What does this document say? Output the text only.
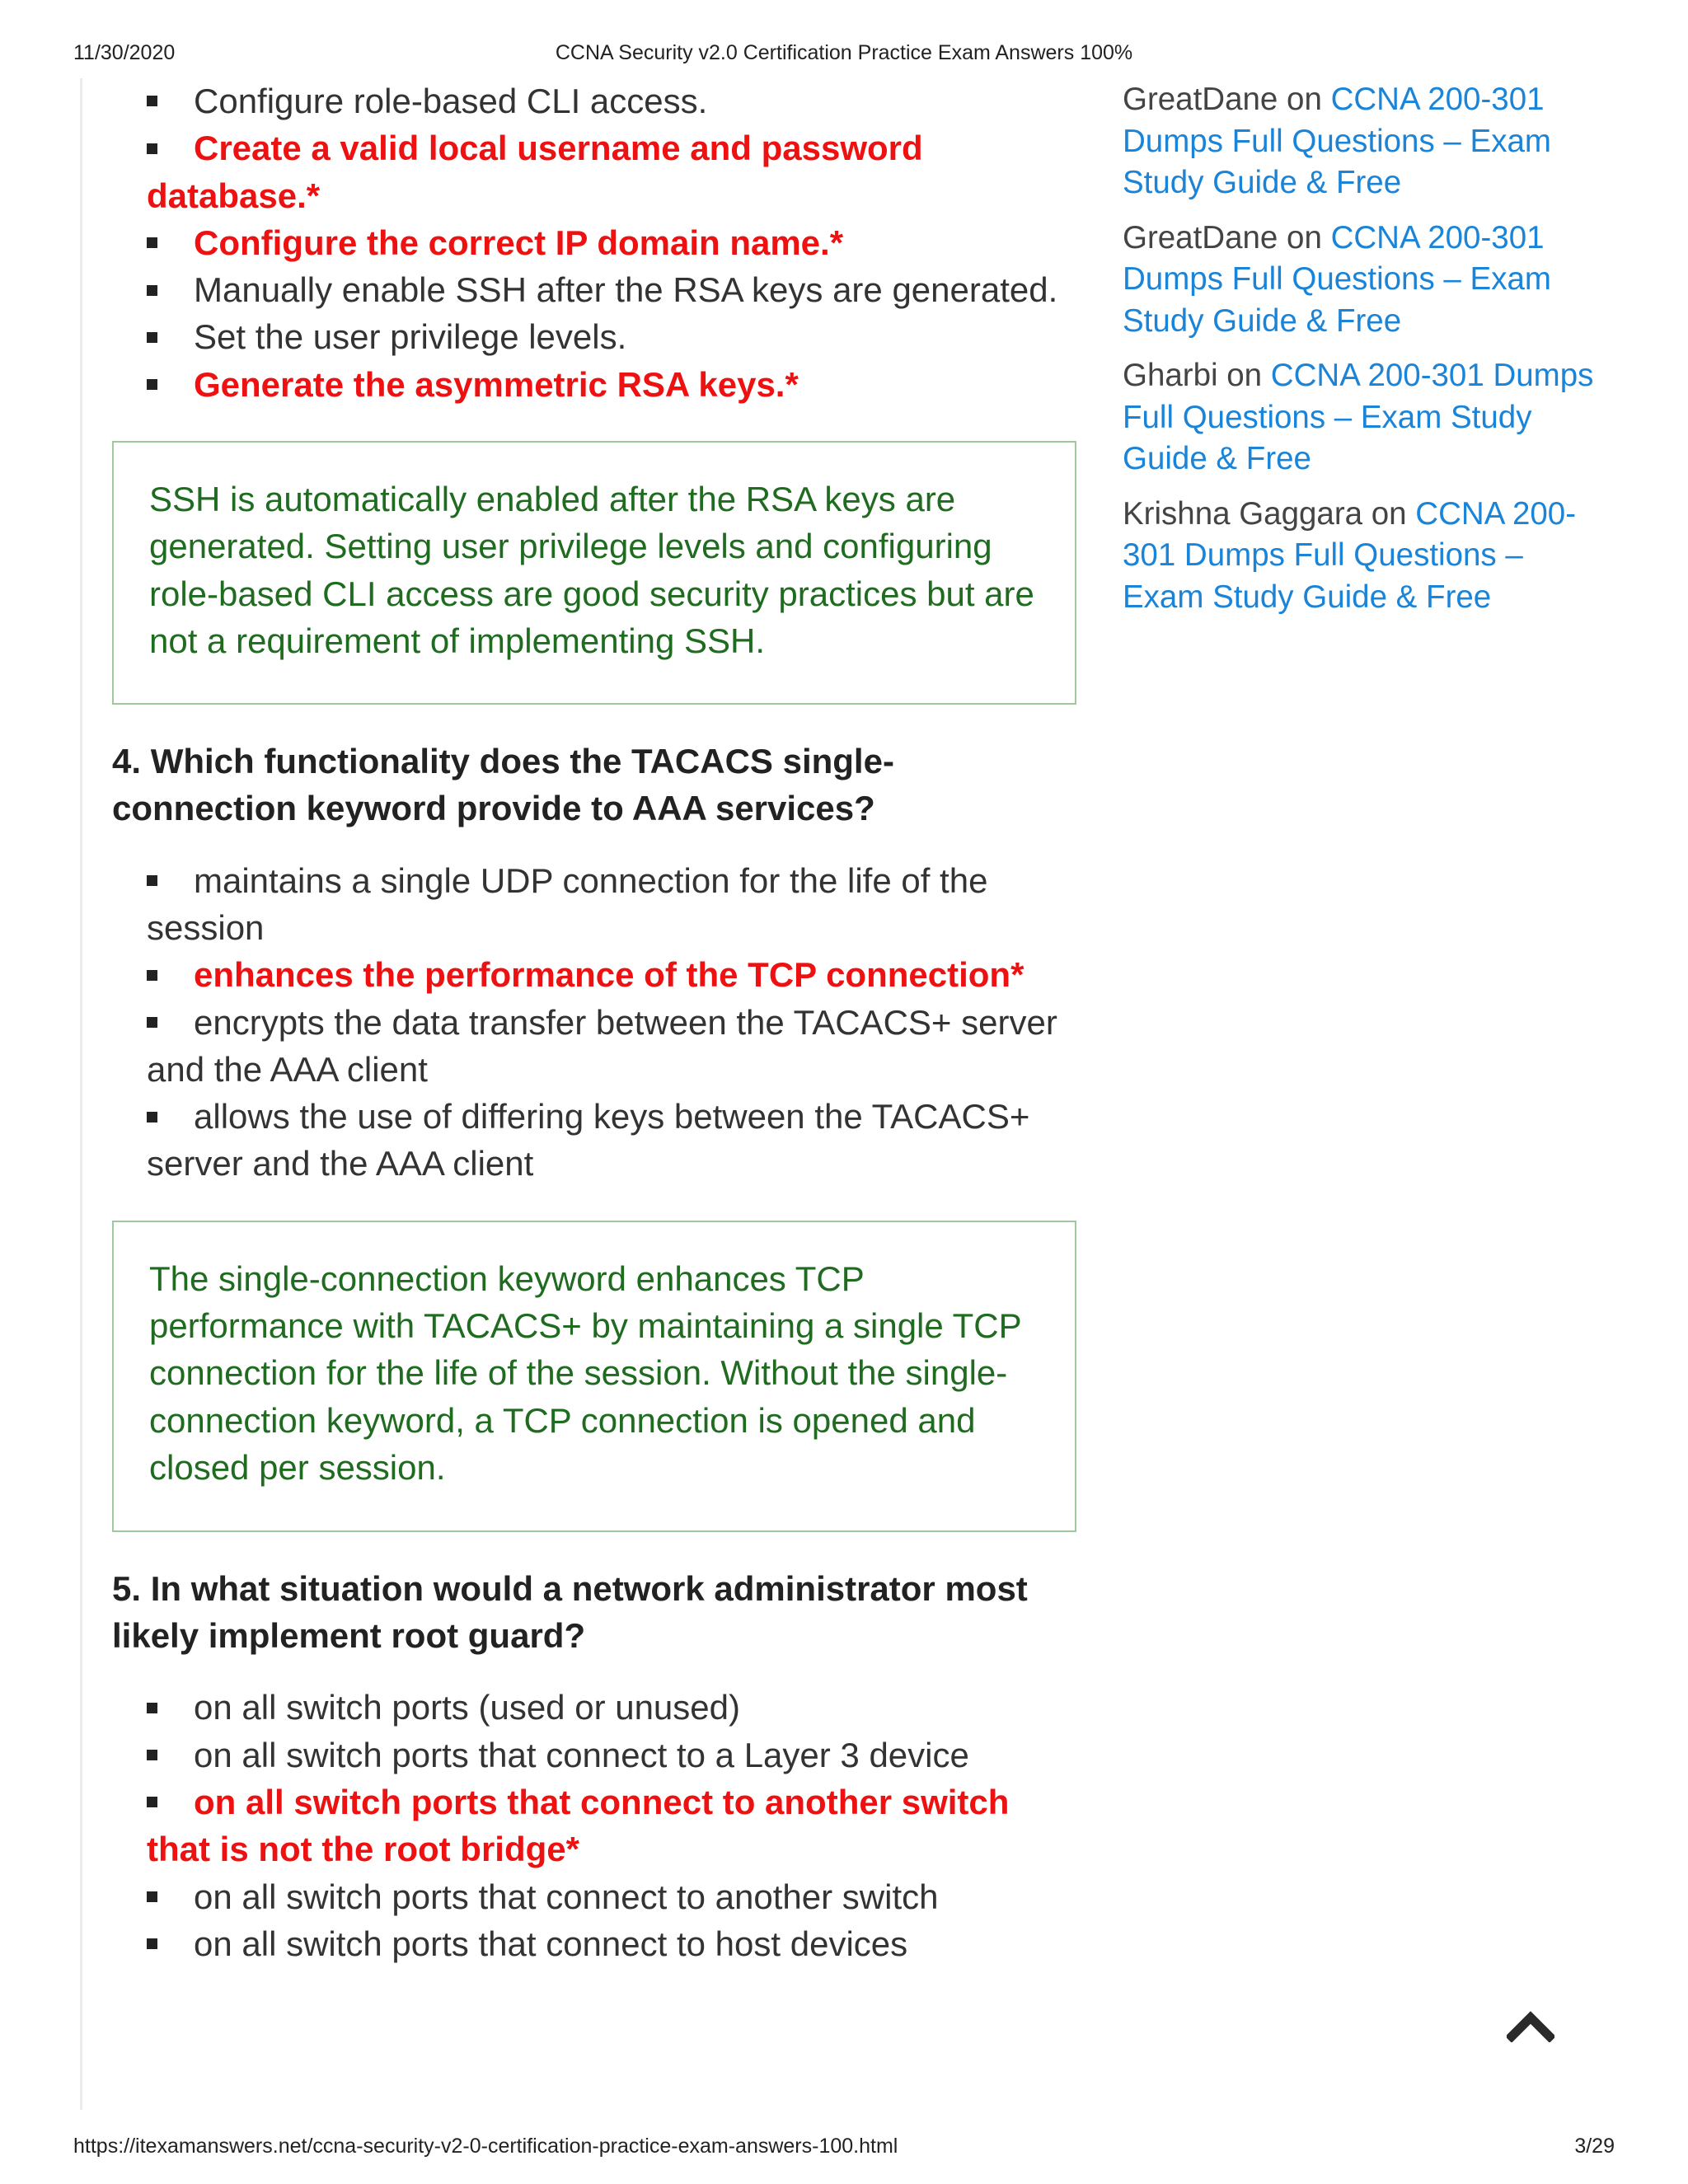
11/30/2020	CCNA Security v2.0 Certification Practice Exam Answers 100%
Configure role-based CLI access.
Create a valid local username and password database.*
Configure the correct IP domain name.*
Manually enable SSH after the RSA keys are generated.
Set the user privilege levels.
Generate the asymmetric RSA keys.*
SSH is automatically enabled after the RSA keys are generated. Setting user privilege levels and configuring role-based CLI access are good security practices but are not a requirement of implementing SSH.
4. Which functionality does the TACACS single-connection keyword provide to AAA services?
maintains a single UDP connection for the life of the session
enhances the performance of the TCP connection*
encrypts the data transfer between the TACACS+ server and the AAA client
allows the use of differing keys between the TACACS+ server and the AAA client
The single-connection keyword enhances TCP performance with TACACS+ by maintaining a single TCP connection for the life of the session. Without the single-connection keyword, a TCP connection is opened and closed per session.
5. In what situation would a network administrator most likely implement root guard?
on all switch ports (used or unused)
on all switch ports that connect to a Layer 3 device
on all switch ports that connect to another switch that is not the root bridge*
on all switch ports that connect to another switch
on all switch ports that connect to host devices
GreatDane on CCNA 200-301 Dumps Full Questions – Exam Study Guide & Free
GreatDane on CCNA 200-301 Dumps Full Questions – Exam Study Guide & Free
Gharbi on CCNA 200-301 Dumps Full Questions – Exam Study Guide & Free
Krishna Gaggara on CCNA 200-301 Dumps Full Questions – Exam Study Guide & Free
https://itexamanswers.net/ccna-security-v2-0-certification-practice-exam-answers-100.html	3/29
